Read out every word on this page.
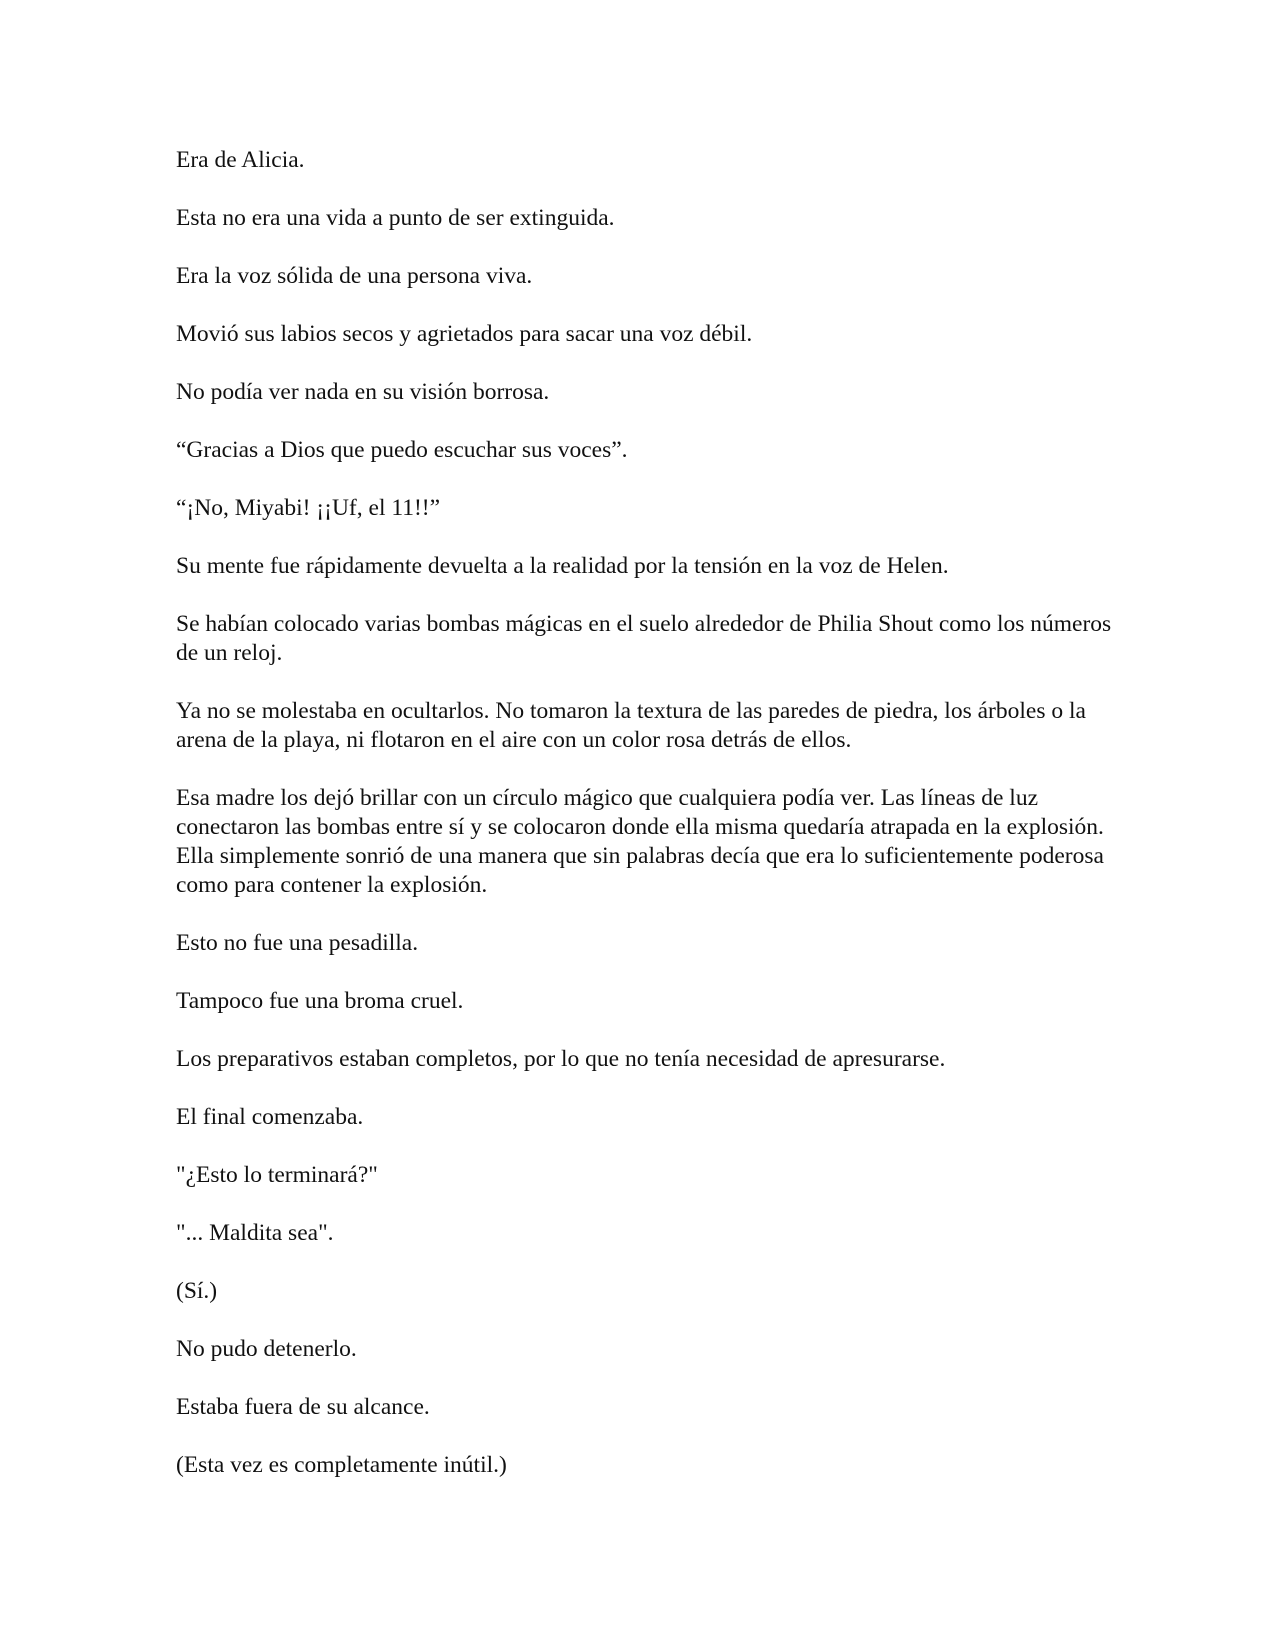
Era de Alicia.

Esta no era una vida a punto de ser extinguida.

Era la voz sólida de una persona viva.

Movió sus labios secos y agrietados para sacar una voz débil.

No podía ver nada en su visión borrosa.

“Gracias a Dios que puedo escuchar sus voces”.

“¡No, Miyabi! ¡¡Uf, el 11!!”

Su mente fue rápidamente devuelta a la realidad por la tensión en la voz de Helen.

Se habían colocado varias bombas mágicas en el suelo alrededor de Philia Shout como los números de un reloj.

Ya no se molestaba en ocultarlos. No tomaron la textura de las paredes de piedra, los árboles o la arena de la playa, ni flotaron en el aire con un color rosa detrás de ellos.

Esa madre los dejó brillar con un círculo mágico que cualquiera podía ver. Las líneas de luz conectaron las bombas entre sí y se colocaron donde ella misma quedaría atrapada en la explosión. Ella simplemente sonrió de una manera que sin palabras decía que era lo suficientemente poderosa como para contener la explosión.

Esto no fue una pesadilla.

Tampoco fue una broma cruel.

Los preparativos estaban completos, por lo que no tenía necesidad de apresurarse.

El final comenzaba.

"¿Esto lo terminará?"

"... Maldita sea".

(Sí.)

No pudo detenerlo.

Estaba fuera de su alcance.

(Esta vez es completamente inútil.)
